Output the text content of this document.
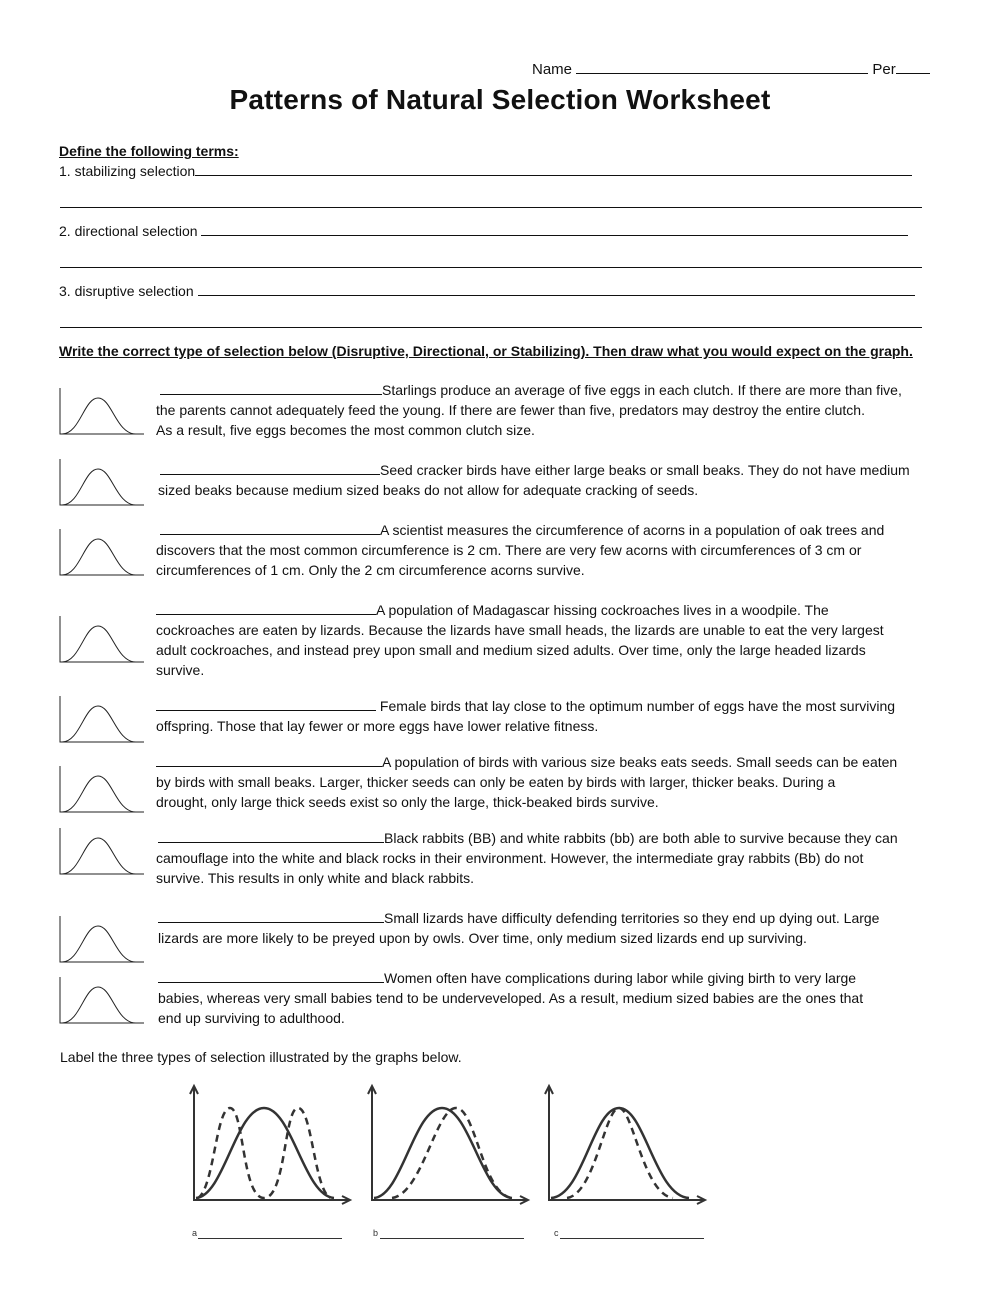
Name	Per
Patterns of Natural Selection Worksheet
Define the following terms:
1. stabilizing selection
2. directional selection
3. disruptive selection
Write the correct type of selection below (Disruptive, Directional, or Stabilizing). Then draw what you would expect on the graph.
Starlings produce an average of five eggs in each clutch. If there are more than five,
the parents cannot adequately feed the young. If there are fewer than five, predators may destroy the entire clutch.
As a result, five eggs becomes the most common clutch size.
Seed cracker birds have either large beaks or small beaks. They do not have medium
sized beaks because medium sized beaks do not allow for adequate cracking of seeds.
A scientist measures the circumference of acorns in a population of oak trees and
discovers that the most common circumference is 2 cm. There are very few acorns with circumferences of 3 cm or
circumferences of 1 cm. Only the 2 cm circumference acorns survive.
A population of Madagascar hissing cockroaches lives in a woodpile. The
cockroaches are eaten by lizards. Because the lizards have small heads, the lizards are unable to eat the very largest
adult cockroaches, and instead prey upon small and medium sized adults. Over time, only the large headed lizards
survive.
Female birds that lay close to the optimum number of eggs have the most surviving
offspring. Those that lay fewer or more eggs have lower relative fitness.
A population of birds with various size beaks eats seeds. Small seeds can be eaten
by birds with small beaks. Larger, thicker seeds can only be eaten by birds with larger, thicker beaks. During a
drought, only large thick seeds exist so only the large, thick-beaked birds survive.
Black rabbits (BB) and white rabbits (bb) are both able to survive because they can
camouflage into the white and black rocks in their environment. However, the intermediate gray rabbits (Bb) do not
survive. This results in only white and black rabbits.
Small lizards have difficulty defending territories so they end up dying out. Large
lizards are more likely to be preyed upon by owls. Over time, only medium sized lizards end up surviving.
Women often have complications during labor while giving birth to very large
babies, whereas very small babies tend to be underveveloped. As a result, medium sized babies are the ones that
end up surviving to adulthood.
Label the three types of selection illustrated by the graphs below.
a	b	c
